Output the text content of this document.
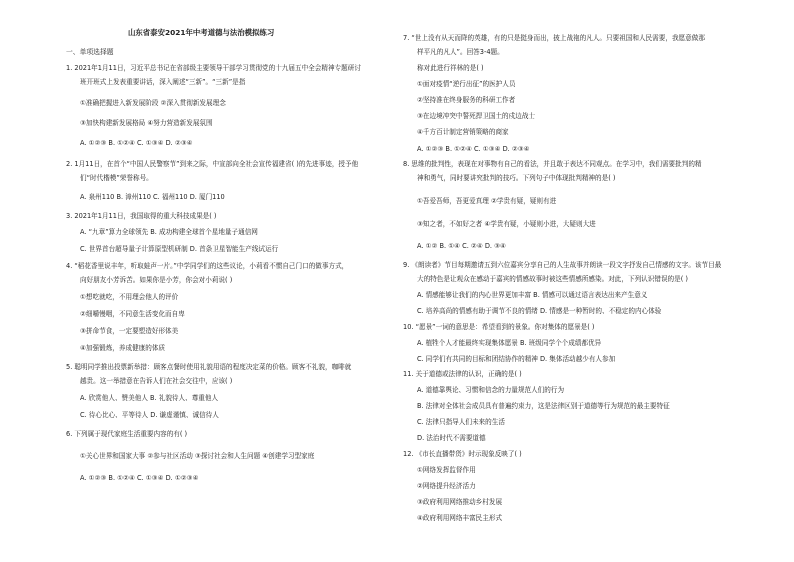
山东省泰安2021年中考道德与法治模拟练习
一、单项选择题
1. 2021年1月11日，习近平总书记在省部级主要领导干部学习贯彻党的十九届五中全会精神专题研讨
班开班式上发表重要讲话，深入阐述“三新”。“三新”是指
①准确把握进入新发展阶段 ②深入贯彻新发展理念
③加快构建新发展格局 ④努力营造新发展氛围
A. ①②③ B. ①②④ C. ①③④ D. ②③④
2. 1月11日，在首个“中国人民警察节”到来之际，中宣部向全社会宣传福建省( )的先进事迹，授予他
们“时代楷模”荣誉称号。
A. 泉州110 B. 漳州110 C. 福州110 D. 厦门110
3. 2021年1月11日，我国取得的重大科技成果是( )
A. “九章”算力全球领先 B. 成功构建全球首个星地量子通信网
C. 世界首台超导量子计算原型机研制 D. 首条卫星智能生产线试运行
4. “稻花香里说丰年，听取蛙声一片。”中学同学们的这些议论，小莉看不惯自己门口的做事方式，
向好朋友小芳诉苦。如果你是小芳，你会对小莉说( )
①想吃就吃，不用理会他人的评价
②细嚼慢咽，不同意生活变化而自卑
③拼命节食，一定要塑造好形体美
④加强锻炼，养成健康的体质
5. 聪明同学推出投票新举措：顾客点餐时使用礼貌用语的程度决定菜的价格。顾客不礼貌，咖啡就
越贵。这一举措意在告诉人们在社会交往中，应该( )
A. 欣赏他人、赞美他人 B. 礼貌待人、尊重他人
C. 待心比心、平等待人 D. 谦虚谨慎、诚信待人
6. 下列属于现代家庭生活重要内容的有( )
①关心世界和国家大事 ②参与社区活动 ③探讨社会和人生问题 ④创建学习型家庭
A. ①②③ B. ①②④ C. ①③④ D. ①②③④
7. “世上没有从天而降的英雄，有的只是挺身而出，披上战袍的凡人。只要祖国和人民需要，我愿意做那
样平凡的凡人”。回答3-4题。
称对此进行祥林的是( )
①面对疫情“逆行出征”的医护人员
②坚持准在终身服务的科研工作者
③在边境冲突中誓死捍卫国土的戍边战士
④千方百计制定营销策略的商家
A. ①②③ B. ①②④ C. ①③④ D. ②③④
8. 思维的批判性，表现在对事物有自己的看法，并且敢于表达不同观点。在学习中，我们需要批判的精
神和勇气，同时要讲究批判的技巧。下列句子中体现批判精神的是( )
①吾爱吾师，吾更爱真理 ②学贵有疑，疑则有进
③知之者，不如好之者 ④学贵有疑，小疑则小进，大疑则大进
A. ①② B. ①④ C. ②④ D. ③④
9. 《朗读者》节目每期邀请五到六位嘉宾分享自己的人生故事并朗读一段文字抒发自己情感的文字。该节目最
大的特色是让观众在感动于嘉宾的情感故事时被这些情感所感染。对此，下列认识错误的是( )
A. 情感能够让我们的内心世界更加丰富 B. 情感可以通过语言表达出来产生意义
C. 培养高尚的情感有助于调节不良的情绪 D. 情感是一种暂时的、不稳定的内心体验
10. “愿景”一词的意思是：希望看到的景象。你对集体的愿景是( )
A. 植牲个人才能最终实现集体愿景 B. 班级同学个个成绩都优异
C. 同学们有共同的目标和团结协作的精神 D. 集体活动越少有人参加
11. 关于道德或法律的认识，正确的是( )
A. 道德靠舆论、习惯和信念的力量规范人们的行为
B. 法律对全体社会成员具有普遍约束力，这是法律区别于道德等行为规范的最主要特征
C. 法律只指导人们未来的生活
D. 法治时代不需要道德
12. 《市长直播带货》时示现象反映了( )
①网络发挥监督作用
②网络提升经济活力
③政府利用网络推动乡村发展
④政府利用网络丰富民主形式
